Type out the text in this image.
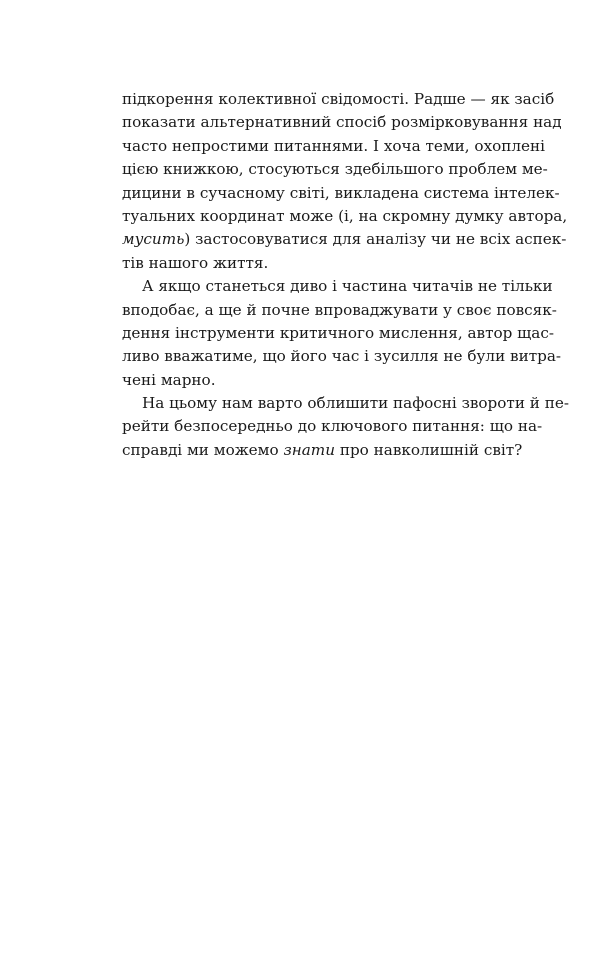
підкорення колективної свідомості. Радше — як засіб
показати альтернативний спосіб розмірковування над
часто непростими питаннями. І хоча теми, охоплені
цією книжкою, стосуються здебільшого проблем ме-
дицини в сучасному світі, викладена система інтелек-
туальних координат може (і, на скромну думку автора,
мусить) застосовуватися для аналізу чи не всіх аспек-
тів нашого життя.
А якщо станеться диво і частина читачів не тільки
вподобає, а ще й почне впроваджувати у своє повсяк-
дення інструменти критичного мислення, автор щас-
ливо вважатиме, що його час і зусилля не були витра-
чені марно.
На цьому нам варто облишити пафосні звороти й пе-
рейти безпосередньо до ключового питання: що на-
справді ми можемо знати про навколишній світ?
